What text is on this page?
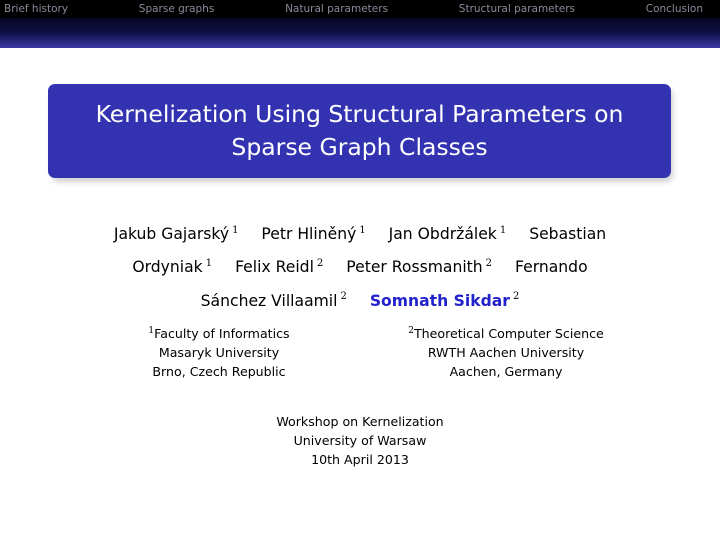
Brief history	Sparse graphs	Natural parameters	Structural parameters	Conclusion
Kernelization Using Structural Parameters on
Sparse Graph Classes
Jakub Gajarský $^1$ Petr Hliněný $^1$ Jan Obdržálek $^1$ Sebastian
Ordyniak $^1$ Felix Reidl $^2$ Peter Rossmanith $^2$ Fernando
Sánchez Villaamil $^2$ Somnath Sikdar $^2$
$^1$Faculty of Informatics
Masaryk University
Brno, Czech Republic
$^2$Theoretical Computer Science
RWTH Aachen University
Aachen, Germany
Workshop on Kernelization
University of Warsaw
10th April 2013
